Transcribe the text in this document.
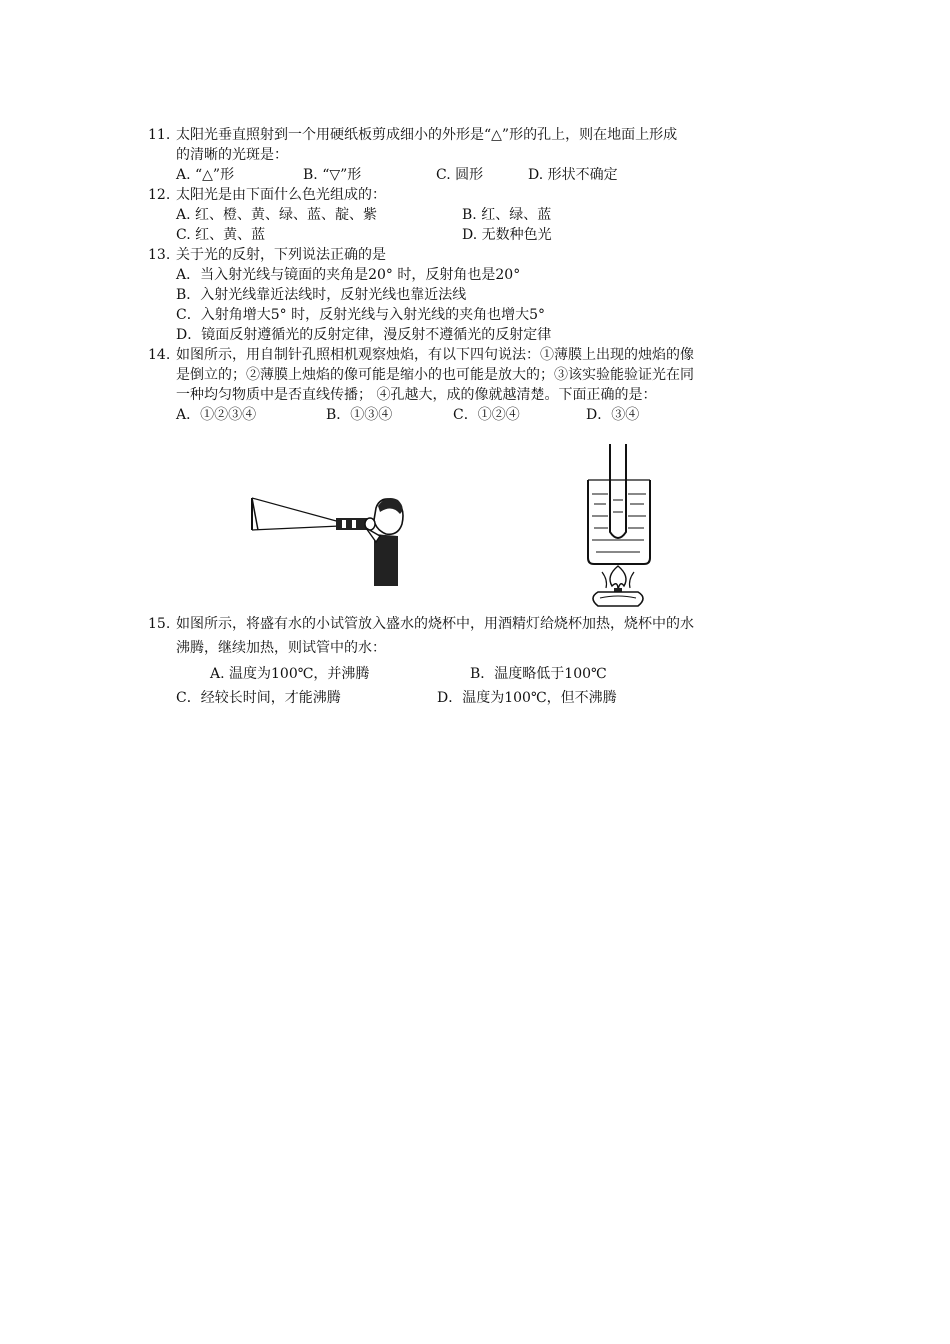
11. 太阳光垂直照射到一个用硬纸板剪成细小的外形是“△”形的孔上，则在地面上形成
的清晰的光斑是：
A. “△”形	B. “▽”形	C. 圆形	D. 形状不确定
12. 太阳光是由下面什么色光组成的：
A. 红、橙、黄、绿、蓝、靛、紫	B. 红、绿、蓝
C. 红、黄、蓝	D. 无数种色光
13. 关于光的反射，下列说法正确的是
A．当入射光线与镜面的夹角是20° 时，反射角也是20°
B．入射光线靠近法线时，反射光线也靠近法线
C．入射角增大5° 时，反射光线与入射光线的夹角也增大5°
D．镜面反射遵循光的反射定律，漫反射不遵循光的反射定律
14. 如图所示，用自制针孔照相机观察烛焰，有以下四句说法：①薄膜上出现的烛焰的像
是倒立的；②薄膜上烛焰的像可能是缩小的也可能是放大的；③该实验能验证光在同
一种均匀物质中是否直线传播； ④孔越大，成的像就越清楚。下面正确的是：
A．①②③④	B．①③④	C．①②④	D．③④
15. 如图所示，将盛有水的小试管放入盛水的烧杯中，用酒精灯给烧杯加热，烧杯中的水
沸腾，继续加热，则试管中的水：
A. 温度为100℃，并沸腾	B．温度略低于100℃
C．经较长时间，才能沸腾	D．温度为100℃，但不沸腾
